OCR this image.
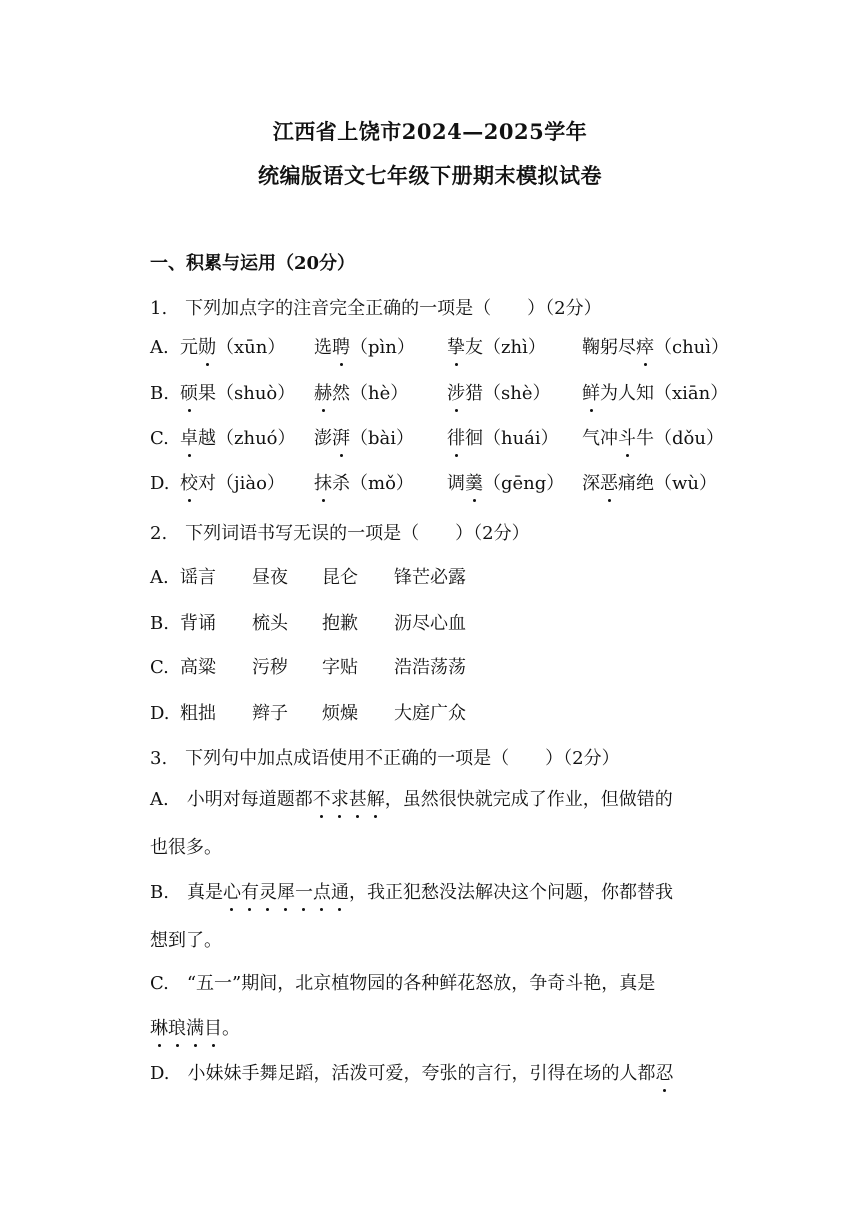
江西省上饶市2024—2025学年
统编版语文七年级下册期末模拟试卷
一、积累与运用（20分）
1.　下列加点字的注音完全正确的一项是（　　）（2分）
A. 元勋（xūn） 选聘（pìn） 挚友（zhì） 鞠躬尽瘁（chuì）
B. 硕果（shuò） 赫然（hè） 涉猎（shè） 鲜为人知（xiān）
C. 卓越（zhuó） 澎湃（bài） 徘徊（huái） 气冲斗牛（dǒu）
D. 校对（jiào） 抹杀（mǒ） 调羹（gēng） 深恶痛绝（wù）
2.　下列词语书写无误的一项是（　　）（2分）
A. 谣言 昼夜 昆仑 锋芒必露
B. 背诵 梳头 抱歉 沥尽心血
C. 高粱 污秽 字贴 浩浩荡荡
D. 粗拙 辫子 烦燥 大庭广众
3.　下列句中加点成语使用不正确的一项是（　　）（2分）
A.　小明对每道题都不求甚解，虽然很快就完成了作业，但做错的
也很多。
B.　真是心有灵犀一点通，我正犯愁没法解决这个问题，你都替我
想到了。
C.　“五一”期间，北京植物园的各种鲜花怒放，争奇斗艳，真是
琳琅满目。
D.　小妹妹手舞足蹈，活泼可爱，夸张的言行，引得在场的人都忍
